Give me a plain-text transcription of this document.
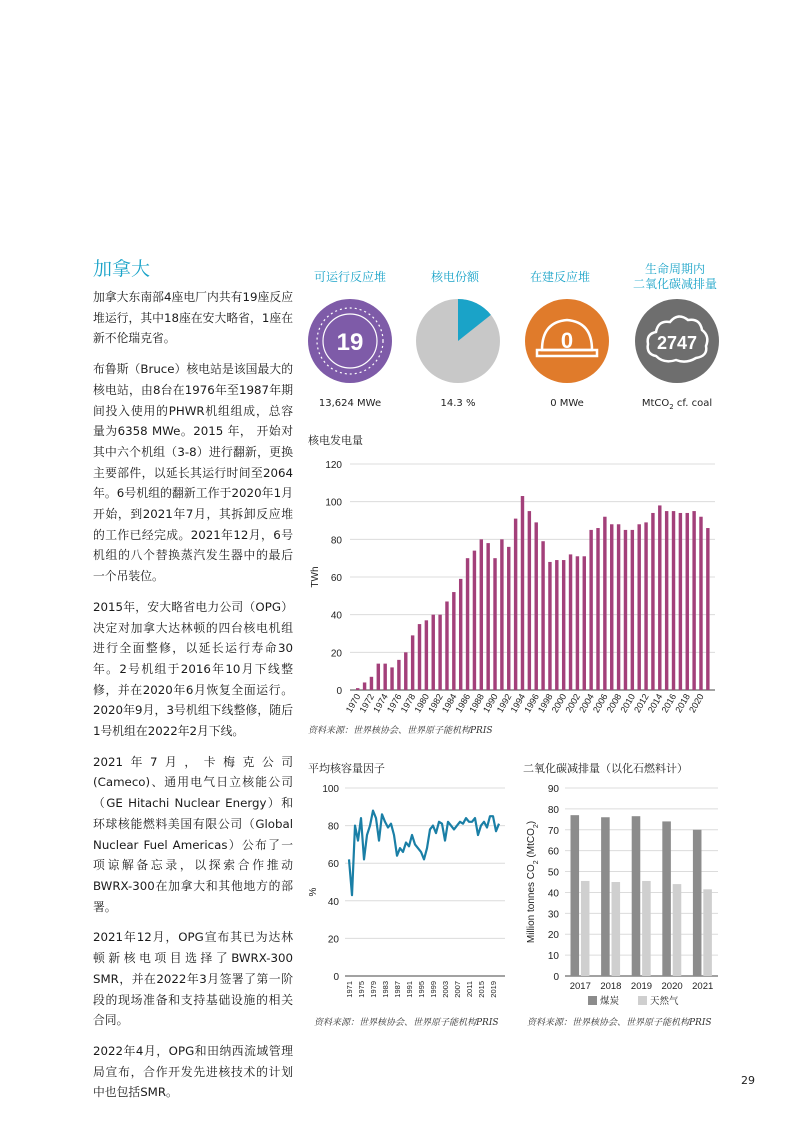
加拿大

加拿大东南部4座电厂内共有19座反应堆运行，其中18座在安大略省，1座在新不伦瑞克省。

布鲁斯（Bruce）核电站是该国最大的核电站，由8台在1976年至1987年期间投入使用的PHWR机组组成，总容量为6358 MWe。2015 年， 开始对其中六个机组（3-8）进行翻新，更换主要部件，以延长其运行时间至2064年。6号机组的翻新工作于2020年1月开始，到2021年7月，其拆卸反应堆的工作已经完成。2021年12月，6号机组的八个替换蒸汽发生器中的最后一个吊装位。

2015年，安大略省电力公司（OPG）决定对加拿大达林顿的四台核电机组进行全面整修，以延长运行寿命30年。2号机组于2016年10月下线整修，并在2020年6月恢复全面运行。2020年9月，3号机组下线整修，随后1号机组在2022年2月下线。

2021年7月，卡梅克公司(Cameco)、通用电气日立核能公司（GE Hitachi Nuclear Energy）和环球核能燃料美国有限公司（Global Nuclear Fuel Americas）公布了一项谅解备忘录，以探索合作推动BWRX-300在加拿大和其他地方的部署。

2021年12月，OPG宣布其已为达林顿新核电项目选择了BWRX-300 SMR，并在2022年3月签署了第一阶段的现场准备和支持基础设施的相关合同。

2022年4月，OPG和田纳西流域管理局宣布，合作开发先进核技术的计划中也包括SMR。

可运行反应堆	核电份额	在建反应堆
生命周期内
二氧化碳减排量
19	0	2747
13,624 MWe	14.3 %	0 MWe	MtCO$_2$ cf. coal
核电发电量
0
20
40
60
80
100
120
TWh
1970
1972
1974
1976
1978
1980
1982
1984
1986
1988
1990
1992
1994
1996
1998
2000
2002
2004
2006
2008
2010
2012
2014
2016
2018
2020
资料来源：世界核协会、世界原子能机构PRIS
平均核容量因子
0
20
40
60
80
100
%
1971 1975 1979 1983 1987 1991 1995 1999 2003 2007 2011 2015 2019
二氧化碳减排量（以化石燃料计）
0
10
20
30
40
50
60
70
80
90
Million tonnes $CO_2$ (MtCO$_2$)
2017 2018 2019 2020 2021
煤炭	天然气
资料来源：世界核协会、世界原子能机构PRIS	资料来源：世界核协会、世界原子能机构PRIS
29
